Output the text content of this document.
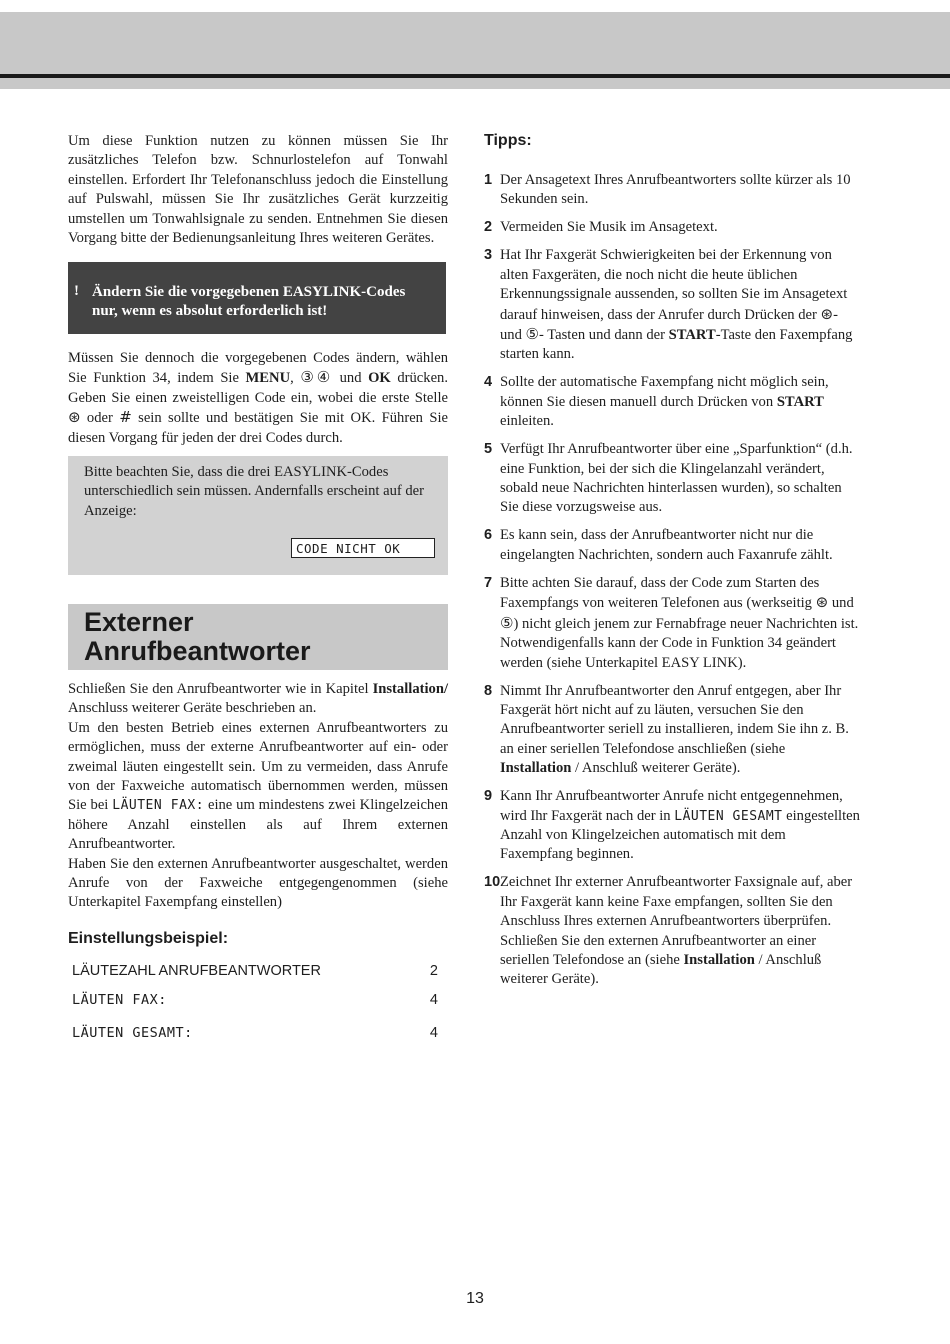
Um diese Funktion nutzen zu können müssen Sie Ihr zusätzliches Telefon bzw. Schnurlostelefon auf Tonwahl einstellen. Erfordert Ihr Telefonanschluss jedoch die Einstellung auf Pulswahl, müssen Sie Ihr zusätzliches Gerät kurzzeitig umstellen um Tonwahlsignale zu senden. Entnehmen Sie diesen Vorgang bitte der Bedienungsanleitung Ihres weiteren Gerätes.

! Ändern Sie die vorgegebenen EASYLINK-Codes nur, wenn es absolut erforderlich ist!

Müssen Sie dennoch die vorgegebenen Codes ändern, wählen Sie Funktion 34, indem Sie MENU, ③④ und OK drücken. Geben Sie einen zweistelligen Code ein, wobei die erste Stelle ⊛ oder # sein sollte und bestätigen Sie mit OK. Führen Sie diesen Vorgang für jeden der drei Codes durch.

Bitte beachten Sie, dass die drei EASYLINK-Codes unterschiedlich sein müssen. Andernfalls erscheint auf der Anzeige:
CODE NICHT OK
Externer
Anrufbeantworter

Schließen Sie den Anrufbeantworter wie in Kapitel Installation/ Anschluss weiterer Geräte beschrieben an.

Um den besten Betrieb eines externen Anrufbeantworters zu ermöglichen, muss der externe Anrufbeantworter auf ein- oder zweimal läuten eingestellt sein. Um zu vermeiden, dass Anrufe von der Faxweiche automatisch übernommen werden, müssen Sie bei LÄUTEN FAX: eine um mindestens zwei Klingelzeichen höhere Anzahl einstellen als auf Ihrem externen Anrufbeantworter.

Haben Sie den externen Anrufbeantworter ausgeschaltet, werden Anrufe von der Faxweiche entgegengenommen (siehe Unterkapitel Faxempfang einstellen)

Einstellungsbeispiel:
LÄUTEZAHL ANRUFBEANTWORTER	2
LÄUTEN FAX:	4
LÄUTEN GESAMT:	4
Tipps:
1 Der Ansagetext Ihres Anrufbeantworters sollte kürzer als 10 Sekunden sein.

2 Vermeiden Sie Musik im Ansagetext.

3 Hat Ihr Faxgerät Schwierigkeiten bei der Erkennung von alten Faxgeräten, die noch nicht die heute üblichen Erkennungssignale aussenden, so sollten Sie im Ansagetext darauf hinweisen, dass der Anrufer durch Drücken der ⊛- und ⑤- Tasten und dann der START-Taste den Faxempfang starten kann.

4 Sollte der automatische Faxempfang nicht möglich sein, können Sie diesen manuell durch Drücken von START einleiten.

5 Verfügt Ihr Anrufbeantworter über eine „Sparfunktion“ (d.h. eine Funktion, bei der sich die Klingelanzahl verändert, sobald neue Nachrichten hinterlassen wurden), so schalten Sie diese vorzugsweise aus.

6 Es kann sein, dass der Anrufbeantworter nicht nur die eingelangten Nachrichten, sondern auch Faxanrufe zählt.

7 Bitte achten Sie darauf, dass der Code zum Starten des Faxempfangs von weiteren Telefonen aus (werkseitig ⊛ und ⑤) nicht gleich jenem zur Fernabfrage neuer Nachrichten ist. Notwendigenfalls kann der Code in Funktion 34 geändert werden (siehe Unterkapitel EASY LINK).

8 Nimmt Ihr Anrufbeantworter den Anruf entgegen, aber Ihr Faxgerät hört nicht auf zu läuten, versuchen Sie den Anrufbeantworter seriell zu installieren, indem Sie ihn z. B. an einer seriellen Telefondose anschließen (siehe Installation / Anschluß weiterer Geräte).

9 Kann Ihr Anrufbeantworter Anrufe nicht entgegennehmen, wird Ihr Faxgerät nach der in LÄUTEN GESAMT eingestellten Anzahl von Klingelzeichen automatisch mit dem Faxempfang beginnen.

10 Zeichnet Ihr externer Anrufbeantworter Faxsignale auf, aber Ihr Faxgerät kann keine Faxe empfangen, sollten Sie den Anschluss Ihres externen Anrufbeantworters überprüfen. Schließen Sie den externen Anrufbeantworter an einer seriellen Telefondose an (siehe Installation / Anschluß weiterer Geräte).

13
